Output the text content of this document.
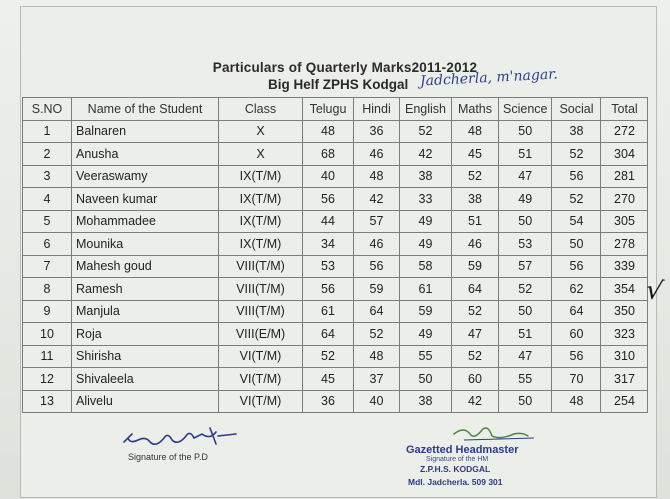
Particulars of Quarterly Marks2011-2012
Big Helf ZPHS Kodgal Jadcherla, m'nagar.
S.NO	Name of the Student	Class	Telugu	Hindi	English	Maths	Science	Social	Total
1	Balnaren	X	48	36	52	48	50	38	272
2	Anusha	X	68	46	42	45	51	52	304
3	Veeraswamy	IX(T/M)	40	48	38	52	47	56	281
4	Naveen kumar	IX(T/M)	56	42	33	38	49	52	270
5	Mohammadee	IX(T/M)	44	57	49	51	50	54	305
6	Mounika	IX(T/M)	34	46	49	46	53	50	278
7	Mahesh goud	VIII(T/M)	53	56	58	59	57	56	339
8	Ramesh	VIII(T/M)	56	59	61	64	52	62	354
9	Manjula	VIII(T/M)	61	64	59	52	50	64	350
10	Roja	VIII(E/M)	64	52	49	47	51	60	323
11	Shirisha	VI(T/M)	52	48	55	52	47	56	310
12	Shivaleela	VI(T/M)	45	37	50	60	55	70	317
13	Alivelu	VI(T/M)	36	40	38	42	50	48	254
√
Signature of the P.D
Gazetted Headmaster
Signature of the HM
Z.P.H.S. KODGAL
Mdl. Jadcherla. 509 301
